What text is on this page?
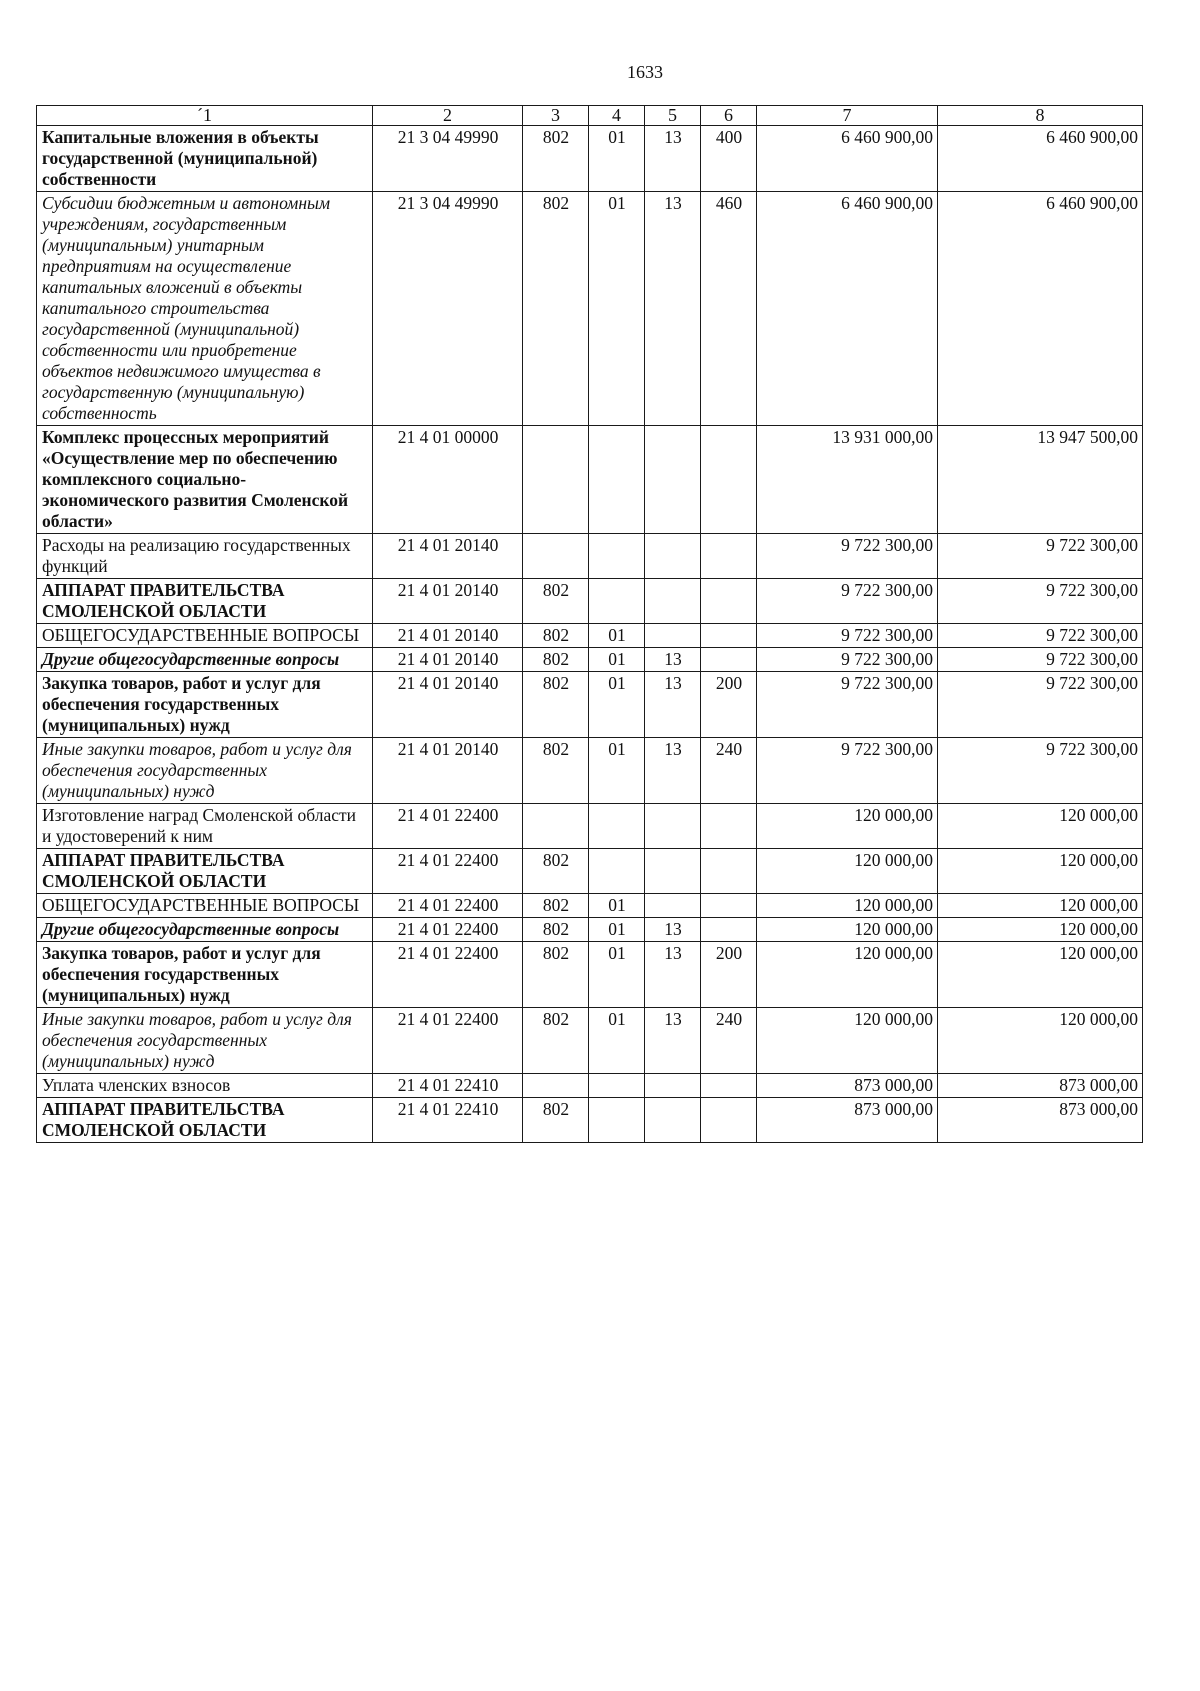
1633
´1	2	3	4	5	6	7	8
Капитальные вложения в объекты государственной (муниципальной) собственности	21 3 04 49990	802	01	13	400	6 460 900,00	6 460 900,00
Субсидии бюджетным и автономным учреждениям, государственным (муниципальным) унитарным предприятиям на осуществление капитальных вложений в объекты капитального строительства государственной (муниципальной) собственности или приобретение объектов недвижимого имущества в государственную (муниципальную) собственность	21 3 04 49990	802	01	13	460	6 460 900,00	6 460 900,00
Комплекс процессных мероприятий «Осуществление мер по обеспечению комплексного социально-экономического развития Смоленской области»	21 4 01 00000					13 931 000,00	13 947 500,00
Расходы на реализацию государственных функций	21 4 01 20140					9 722 300,00	9 722 300,00
АППАРАТ ПРАВИТЕЛЬСТВА СМОЛЕНСКОЙ ОБЛАСТИ	21 4 01 20140	802				9 722 300,00	9 722 300,00
ОБЩЕГОСУДАРСТВЕННЫЕ ВОПРОСЫ	21 4 01 20140	802	01			9 722 300,00	9 722 300,00
Другие общегосударственные вопросы	21 4 01 20140	802	01	13		9 722 300,00	9 722 300,00
Закупка товаров, работ и услуг для обеспечения государственных (муниципальных) нужд	21 4 01 20140	802	01	13	200	9 722 300,00	9 722 300,00
Иные закупки товаров, работ и услуг для обеспечения государственных (муниципальных) нужд	21 4 01 20140	802	01	13	240	9 722 300,00	9 722 300,00
Изготовление наград Смоленской области и удостоверений к ним	21 4 01 22400					120 000,00	120 000,00
АППАРАТ ПРАВИТЕЛЬСТВА СМОЛЕНСКОЙ ОБЛАСТИ	21 4 01 22400	802				120 000,00	120 000,00
ОБЩЕГОСУДАРСТВЕННЫЕ ВОПРОСЫ	21 4 01 22400	802	01			120 000,00	120 000,00
Другие общегосударственные вопросы	21 4 01 22400	802	01	13		120 000,00	120 000,00
Закупка товаров, работ и услуг для обеспечения государственных (муниципальных) нужд	21 4 01 22400	802	01	13	200	120 000,00	120 000,00
Иные закупки товаров, работ и услуг для обеспечения государственных (муниципальных) нужд	21 4 01 22400	802	01	13	240	120 000,00	120 000,00
Уплата членских взносов	21 4 01 22410					873 000,00	873 000,00
АППАРАТ ПРАВИТЕЛЬСТВА СМОЛЕНСКОЙ ОБЛАСТИ	21 4 01 22410	802				873 000,00	873 000,00
